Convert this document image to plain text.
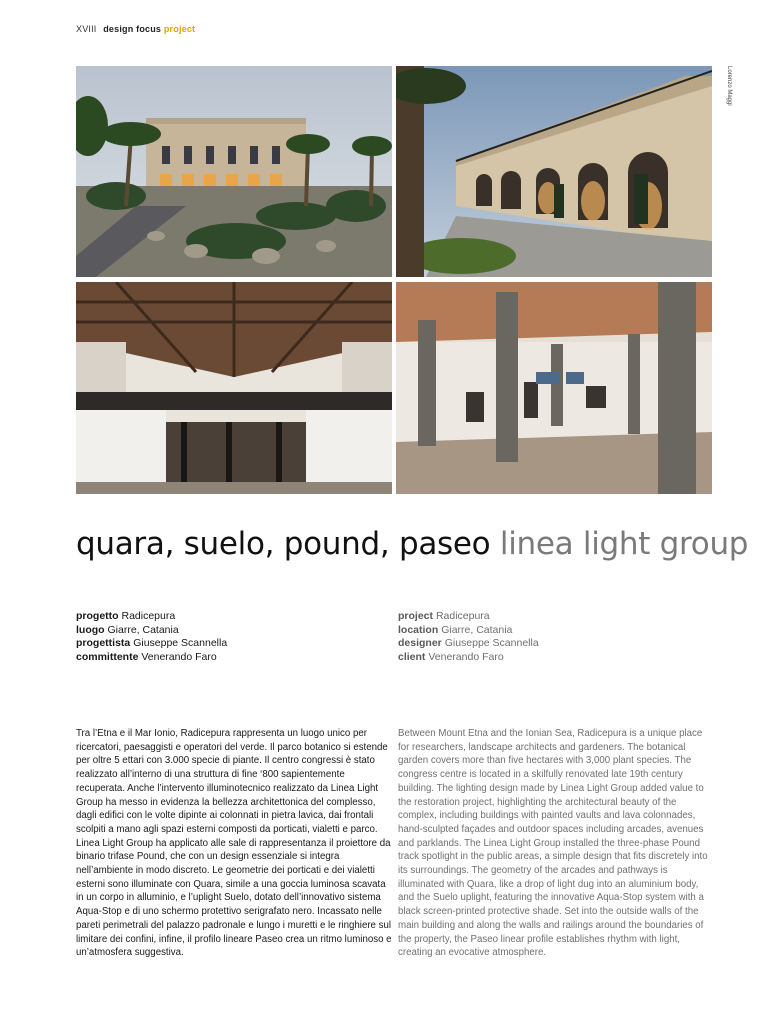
XVIII design focus project
Lorenzo Maggi
quara, suelo, pound, paseo linea light group
progetto Radicepura
luogo Giarre, Catania
progettista Giuseppe Scannella
committente Venerando Faro
project Radicepura
location Giarre, Catania
designer Giuseppe Scannella
client Venerando Faro
Tra l’Etna e il Mar Ionio, Radicepura rappresenta un luogo unico per ricercatori, paesaggisti e operatori del verde. Il parco botanico si estende per oltre 5 ettari con 3.000 specie di piante. Il centro congressi è stato realizzato all’interno di una struttura di fine ‘800 sapientemente recuperata. Anche l’intervento illuminotecnico realizzato da Linea Light Group ha messo in evidenza la bellezza architettonica del complesso, dagli edifici con le volte dipinte ai colonnati in pietra lavica, dai frontali scolpiti a mano agli spazi esterni composti da porticati, vialetti e parco. Linea Light Group ha applicato alle sale di rappresentanza il proiettore da binario trifase Pound, che con un design essenziale si integra nell’ambiente in modo discreto. Le geometrie dei porticati e dei vialetti esterni sono illuminate con Quara, simile a una goccia luminosa scavata in un corpo in alluminio, e l’uplight Suelo, dotato dell’innovativo sistema Aqua-Stop e di uno schermo protettivo serigrafato nero. Incassato nelle pareti perimetrali del palazzo padronale e lungo i muretti e le ringhiere sul limitare dei confini, infine, il profilo lineare Paseo crea un ritmo luminoso e un’atmosfera suggestiva.
Between Mount Etna and the Ionian Sea, Radicepura is a unique place for researchers, landscape architects and gardeners. The botanical garden covers more than five hectares with 3,000 plant species. The congress centre is located in a skilfully renovated late 19th century building. The lighting design made by Linea Light Group added value to the restoration project, highlighting the architectural beauty of the complex, including buildings with painted vaults and lava colonnades, hand-sculpted façades and outdoor spaces including arcades, avenues and parklands. The Linea Light Group installed the three-phase Pound track spotlight in the public areas, a simple design that fits discretely into its surroundings. The geometry of the arcades and pathways is illuminated with Quara, like a drop of light dug into an aluminium body, and the Suelo uplight, featuring the innovative Aqua-Stop system with a black screen-printed protective shade. Set into the outside walls of the main building and along the walls and railings around the boundaries of the property, the Paseo linear profile establishes rhythm with light, creating an evocative atmosphere.
